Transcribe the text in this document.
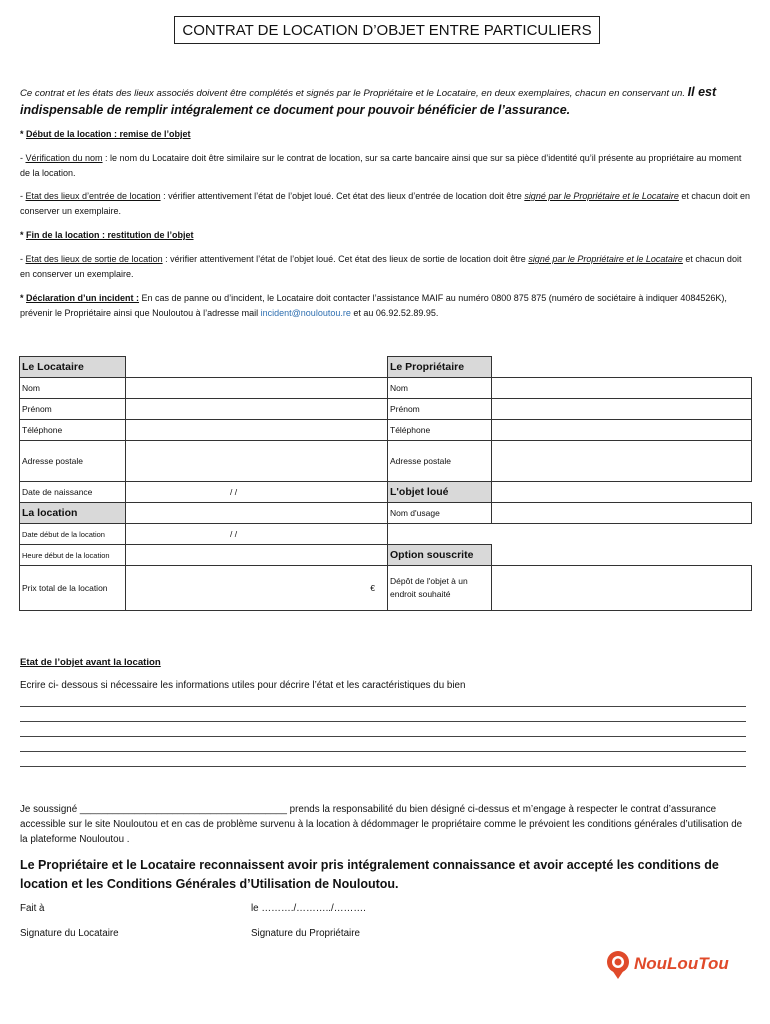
CONTRAT DE LOCATION D’OBJET ENTRE PARTICULIERS
Ce contrat et les états des lieux associés doivent être complétés et signés par le Propriétaire et le Locataire, en deux exemplaires, chacun en conservant un. Il est indispensable de remplir intégralement ce document pour pouvoir bénéficier de l’assurance.
* Début de la location : remise de l’objet
- Vérification du nom : le nom du Locataire doit être similaire sur le contrat de location, sur sa carte bancaire ainsi que sur sa pièce d’identité qu’il présente au propriétaire au moment de la location.
- Etat des lieux d’entrée de location : vérifier attentivement l’état de l’objet loué. Cet état des lieux d’entrée de location doit être signé par le Propriétaire et le Locataire et chacun doit en conserver un exemplaire.
* Fin de la location : restitution de l’objet
- Etat des lieux de sortie de location : vérifier attentivement l’état de l’objet loué. Cet état des lieux de sortie de location doit être signé par le Propriétaire et le Locataire et chacun doit en conserver un exemplaire.
* Déclaration d’un incident : En cas de panne ou d’incident, le Locataire doit contacter l’assistance MAIF au numéro 0800 875 875 (numéro de sociétaire à indiquer 4084526K), prévenir le Propriétaire ainsi que Nouloutou à l’adresse mail incident@nouloutou.re et au 06.92.52.89.95.
Le Locataire		Le Propriétaire	
Nom		Nom	
Prénom		Prénom	
Téléphone		Téléphone	
Adresse postale		Adresse postale	
Date de naissance	/ /	L'objet loué	
La location		Nom d'usage	
Date début de la location	/ /		
Heure début de la location		Option souscrite	
Prix total de la location	€	Dépôt de l'objet à un endroit souhaité	
Etat de l’objet avant la location
Ecrire ci- dessous si nécessaire les informations utiles pour décrire l’état et les caractéristiques du bien
Je soussigné ______________________________________ prends la responsabilité du bien désigné ci-dessus et m’engage à respecter le contrat d’assurance accessible sur le site Nouloutou et en cas de problème survenu à la location à dédommager le propriétaire comme le prévoient les conditions générales d’utilisation de la plateforme Nouloutou .
Le Propriétaire et le Locataire reconnaissent avoir pris intégralement connaissance et avoir accepté les conditions de location et les Conditions Générales d’Utilisation de Nouloutou.
Fait à	le ………./………../……….
Signature du Locataire	Signature du Propriétaire
NouLouTou
